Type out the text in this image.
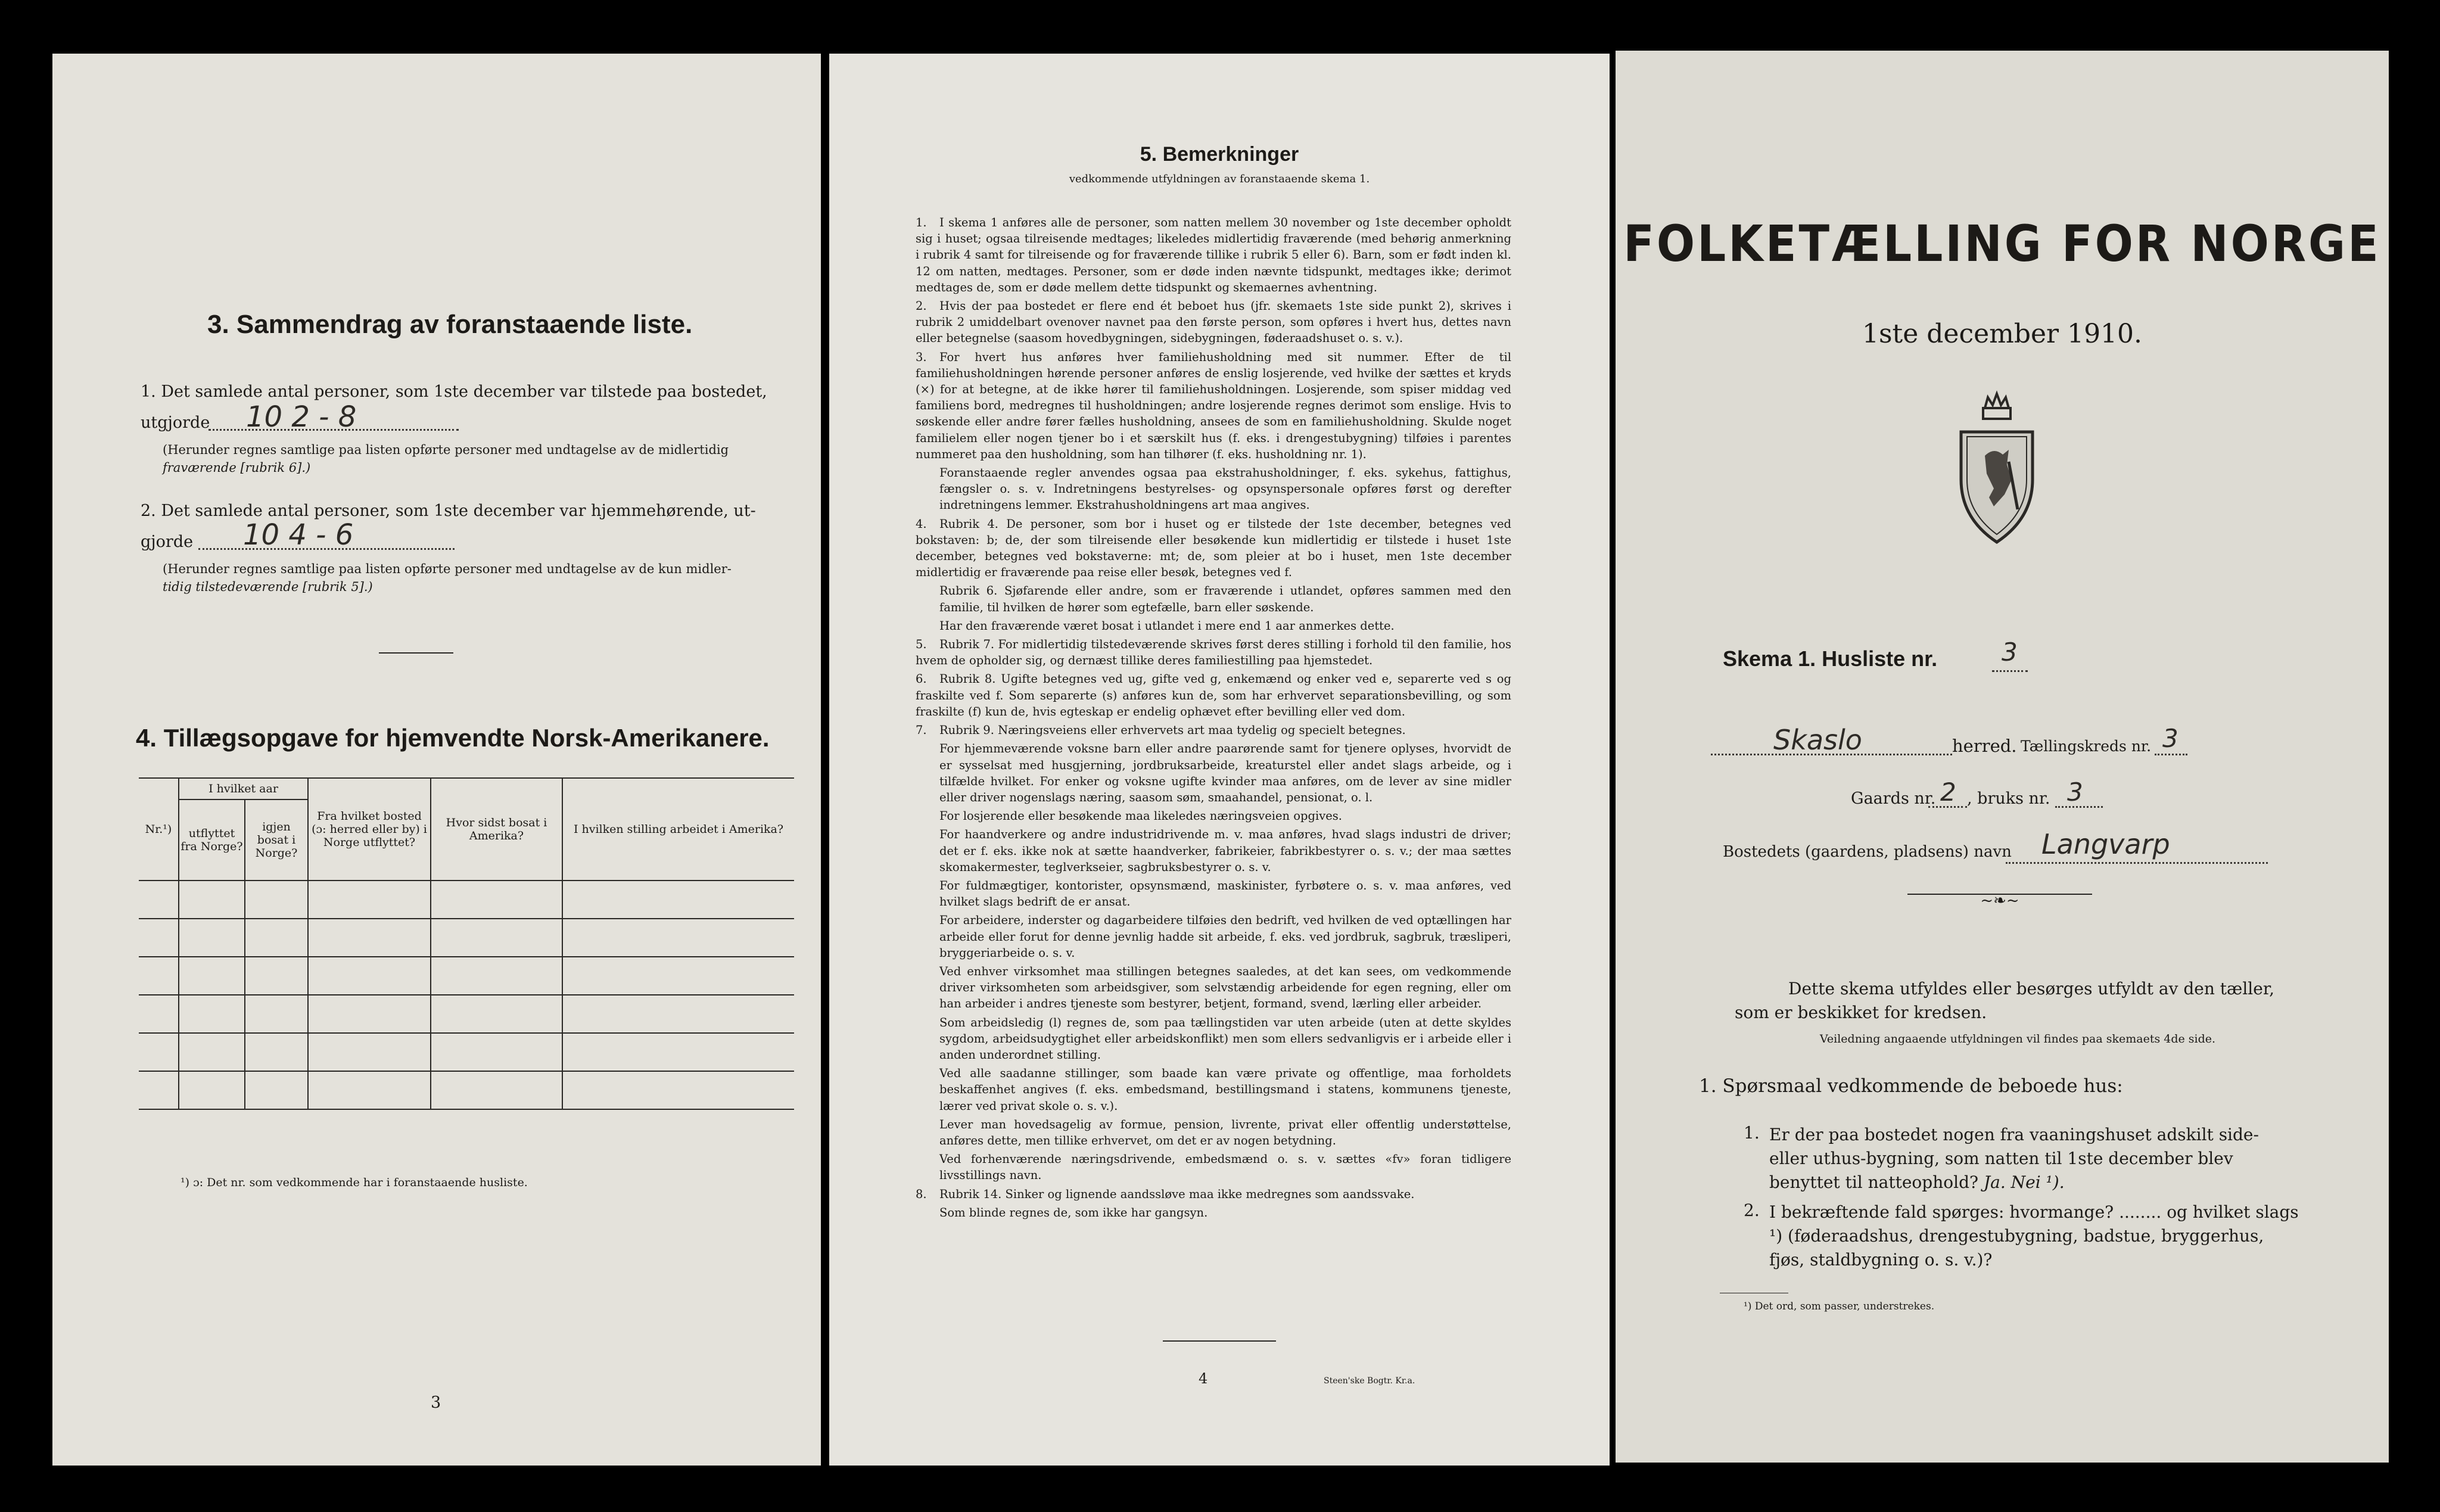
3. Sammendrag av foranstaaende liste.
1. Det samlede antal personer, som 1ste december var tilstede paa bostedet,
utgjorde 10 2 - 8
(Herunder regnes samtlige paa listen opførte personer med undtagelse av de midlertidig
fraværende [rubrik 6].)
2. Det samlede antal personer, som 1ste december var hjemmehørende, ut-
gjorde 10 4 - 6
(Herunder regnes samtlige paa listen opførte personer med undtagelse av de kun midler-
tidig tilstedeværende [rubrik 5].)
4. Tillægsopgave for hjemvendte Norsk-Amerikanere.
Nr.¹)	I hvilket aar		Fra hvilket bosted (ɔ: herred eller by) i Norge utflyttet?	Hvor sidst bosat i Amerika?	I hvilken stilling arbeidet i Amerika?
	utflyttet fra Norge?	igjen bosat i Norge?			

¹) ɔ: Det nr. som vedkommende har i foranstaaende husliste.
3
5. Bemerkninger
vedkommende utfyldningen av foranstaaende skema 1.

1. I skema 1 anføres alle de personer, som natten mellem 30 november og 1ste december opholdt sig i huset; ogsaa tilreisende medtages; likeledes midlertidig fraværende (med behørig anmerkning i rubrik 4 samt for tilreisende og for fraværende tillike i rubrik 5 eller 6). Barn, som er født inden kl. 12 om natten, medtages. Personer, som er døde inden nævnte tidspunkt, medtages ikke; derimot medtages de, som er døde mellem dette tidspunkt og skemaernes avhentning.

2. Hvis der paa bostedet er flere end ét beboet hus (jfr. skemaets 1ste side punkt 2), skrives i rubrik 2 umiddelbart ovenover navnet paa den første person, som opføres i hvert hus, dettes navn eller betegnelse (saasom hovedbygningen, sidebygningen, føderaadshuset o. s. v.).

3. For hvert hus anføres hver familiehusholdning med sit nummer. Efter de til familiehusholdningen hørende personer anføres de enslig losjerende, ved hvilke der sættes et kryds (×) for at betegne, at de ikke hører til familiehusholdningen. Losjerende, som spiser middag ved familiens bord, medregnes til husholdningen; andre losjerende regnes derimot som enslige. Hvis to søskende eller andre fører fælles husholdning, ansees de som en familiehusholdning. Skulde noget familielem eller nogen tjener bo i et særskilt hus (f. eks. i drengestubygning) tilføies i parentes nummeret paa den husholdning, som han tilhører (f. eks. husholdning nr. 1).

Foranstaaende regler anvendes ogsaa paa ekstrahusholdninger, f. eks. sykehus, fattighus, fængsler o. s. v. Indretningens bestyrelses- og opsynspersonale opføres først og derefter indretningens lemmer. Ekstrahusholdningens art maa angives.

4. Rubrik 4. De personer, som bor i huset og er tilstede der 1ste december, betegnes ved bokstaven: b; de, der som tilreisende eller besøkende kun midlertidig er tilstede i huset 1ste december, betegnes ved bokstaverne: mt; de, som pleier at bo i huset, men 1ste december midlertidig er fraværende paa reise eller besøk, betegnes ved f.

Rubrik 6. Sjøfarende eller andre, som er fraværende i utlandet, opføres sammen med den familie, til hvilken de hører som egtefælle, barn eller søskende.

Har den fraværende været bosat i utlandet i mere end 1 aar anmerkes dette.

5. Rubrik 7. For midlertidig tilstedeværende skrives først deres stilling i forhold til den familie, hos hvem de opholder sig, og dernæst tillike deres familiestilling paa hjemstedet.

6. Rubrik 8. Ugifte betegnes ved ug, gifte ved g, enkemænd og enker ved e, separerte ved s og fraskilte ved f. Som separerte (s) anføres kun de, som har erhvervet separationsbevilling, og som fraskilte (f) kun de, hvis egteskap er endelig ophævet efter bevilling eller ved dom.

7. Rubrik 9. Næringsveiens eller erhvervets art maa tydelig og specielt betegnes.

For hjemmeværende voksne barn eller andre paarørende samt for tjenere oplyses, hvorvidt de er sysselsat med husgjerning, jordbruksarbeide, kreaturstel eller andet slags arbeide, og i tilfælde hvilket. For enker og voksne ugifte kvinder maa anføres, om de lever av sine midler eller driver nogenslags næring, saasom søm, smaahandel, pensionat, o. l.

For losjerende eller besøkende maa likeledes næringsveien opgives.

For haandverkere og andre industridrivende m. v. maa anføres, hvad slags industri de driver; det er f. eks. ikke nok at sætte haandverker, fabrikeier, fabrikbestyrer o. s. v.; der maa sættes skomakermester, teglverkseier, sagbruksbestyrer o. s. v.

For fuldmægtiger, kontorister, opsynsmænd, maskinister, fyrbøtere o. s. v. maa anføres, ved hvilket slags bedrift de er ansat.

For arbeidere, inderster og dagarbeidere tilføies den bedrift, ved hvilken de ved optællingen har arbeide eller forut for denne jevnlig hadde sit arbeide, f. eks. ved jordbruk, sagbruk, træsliperi, bryggeriarbeide o. s. v.

Ved enhver virksomhet maa stillingen betegnes saaledes, at det kan sees, om vedkommende driver virksomheten som arbeidsgiver, som selvstændig arbeidende for egen regning, eller om han arbeider i andres tjeneste som bestyrer, betjent, formand, svend, lærling eller arbeider.

Som arbeidsledig (l) regnes de, som paa tællingstiden var uten arbeide (uten at dette skyldes sygdom, arbeidsudygtighet eller arbeidskonflikt) men som ellers sedvanligvis er i arbeide eller i anden underordnet stilling.

Ved alle saadanne stillinger, som baade kan være private og offentlige, maa forholdets beskaffenhet angives (f. eks. embedsmand, bestillingsmand i statens, kommunens tjeneste, lærer ved privat skole o. s. v.).

Lever man hovedsagelig av formue, pension, livrente, privat eller offentlig understøttelse, anføres dette, men tillike erhvervet, om det er av nogen betydning.

Ved forhenværende næringsdrivende, embedsmænd o. s. v. sættes «fv» foran tidligere livsstillings navn.

8. Rubrik 14. Sinker og lignende aandssløve maa ikke medregnes som aandssvake.

Som blinde regnes de, som ikke har gangsyn.

4	Steen'ske Bogtr. Kr.a.
FOLKETÆLLING FOR NORGE
1ste december 1910.
Skema 1. Husliste nr.	3
Skaslo	herred. Tællingskreds nr. 3
Gaards nr. 2 , bruks nr. 3
Bostedets (gaardens, pladsens) navn Langvarp
~❧~
Dette skema utfyldes eller besørges utfyldt av den tæller, som er beskikket for kredsen.
Veiledning angaaende utfyldningen vil findes paa skemaets 4de side.
1. Spørsmaal vedkommende de beboede hus:
1. Er der paa bostedet nogen fra vaaningshuset adskilt side- eller uthus-bygning, som natten til 1ste december blev benyttet til natteophold? Ja. Nei ¹).
2. I bekræftende fald spørges: hvormange? ........ og hvilket slags ¹) (føderaadshus, drengestubygning, badstue, bryggerhus, fjøs, staldbygning o. s. v.)?
¹) Det ord, som passer, understrekes.
